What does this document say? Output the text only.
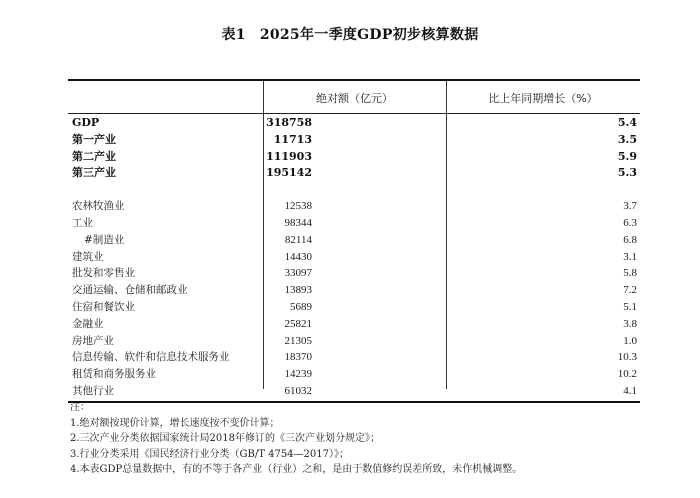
表1 2025年一季度GDP初步核算数据
绝对额（亿元）	比上年同期增长（%）
GDP	318758	5.4
第一产业	11713	3.5
第二产业	111903	5.9
第三产业	195142	5.3
农林牧渔业	12538	3.7
工业	98344	6.3
#制造业	82114	6.8
建筑业	14430	3.1
批发和零售业	33097	5.8
交通运输、仓储和邮政业	13893	7.2
住宿和餐饮业	5689	5.1
金融业	25821	3.8
房地产业	21305	1.0
信息传输、软件和信息技术服务业	18370	10.3
租赁和商务服务业	14239	10.2
其他行业	61032	4.1
注：
1.绝对额按现价计算，增长速度按不变价计算；
2.三次产业分类依据国家统计局2018年修订的《三次产业划分规定》；
3.行业分类采用《国民经济行业分类（GB/T 4754—2017）》；
4.本表GDP总量数据中，有的不等于各产业（行业）之和，是由于数值修约误差所致，未作机械调整。
